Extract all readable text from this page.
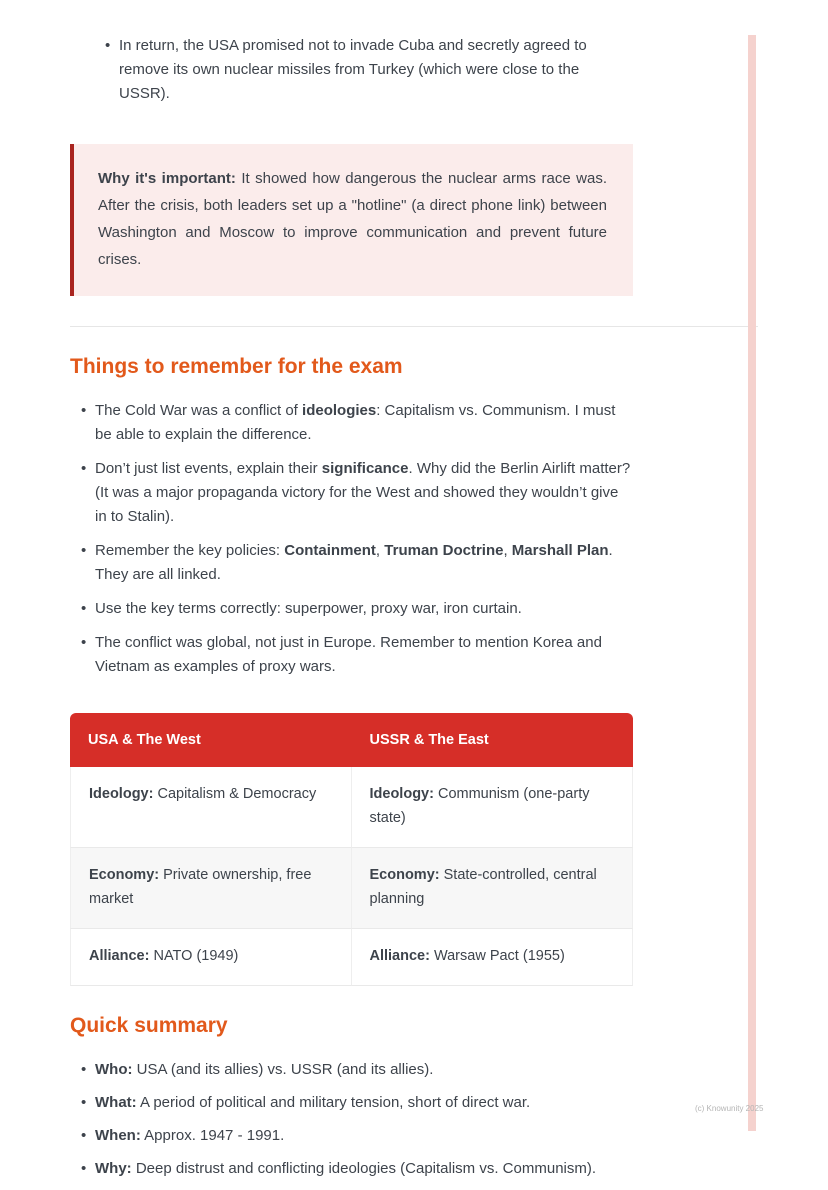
• In return, the USA promised not to invade Cuba and secretly agreed to remove its own nuclear missiles from Turkey (which were close to the USSR).
Why it's important: It showed how dangerous the nuclear arms race was. After the crisis, both leaders set up a "hotline" (a direct phone link) between Washington and Moscow to improve communication and prevent future crises.
Things to remember for the exam
• The Cold War was a conflict of ideologies: Capitalism vs. Communism. I must be able to explain the difference.
• Don’t just list events, explain their significance. Why did the Berlin Airlift matter? (It was a major propaganda victory for the West and showed they wouldn’t give in to Stalin).
• Remember the key policies: Containment, Truman Doctrine, Marshall Plan. They are all linked.
• Use the key terms correctly: superpower, proxy war, iron curtain.
• The conflict was global, not just in Europe. Remember to mention Korea and Vietnam as examples of proxy wars.
USA & The West	USSR & The East
Ideology: Capitalism & Democracy	Ideology: Communism (one-party state)
Economy: Private ownership, free market	Economy: State-controlled, central planning
Alliance: NATO (1949)	Alliance: Warsaw Pact (1955)
Quick summary
• Who: USA (and its allies) vs. USSR (and its allies).
• What: A period of political and military tension, short of direct war.
• When: Approx. 1947 - 1991.
• Why: Deep distrust and conflicting ideologies (Capitalism vs. Communism).
(c) Knowunity 2025
